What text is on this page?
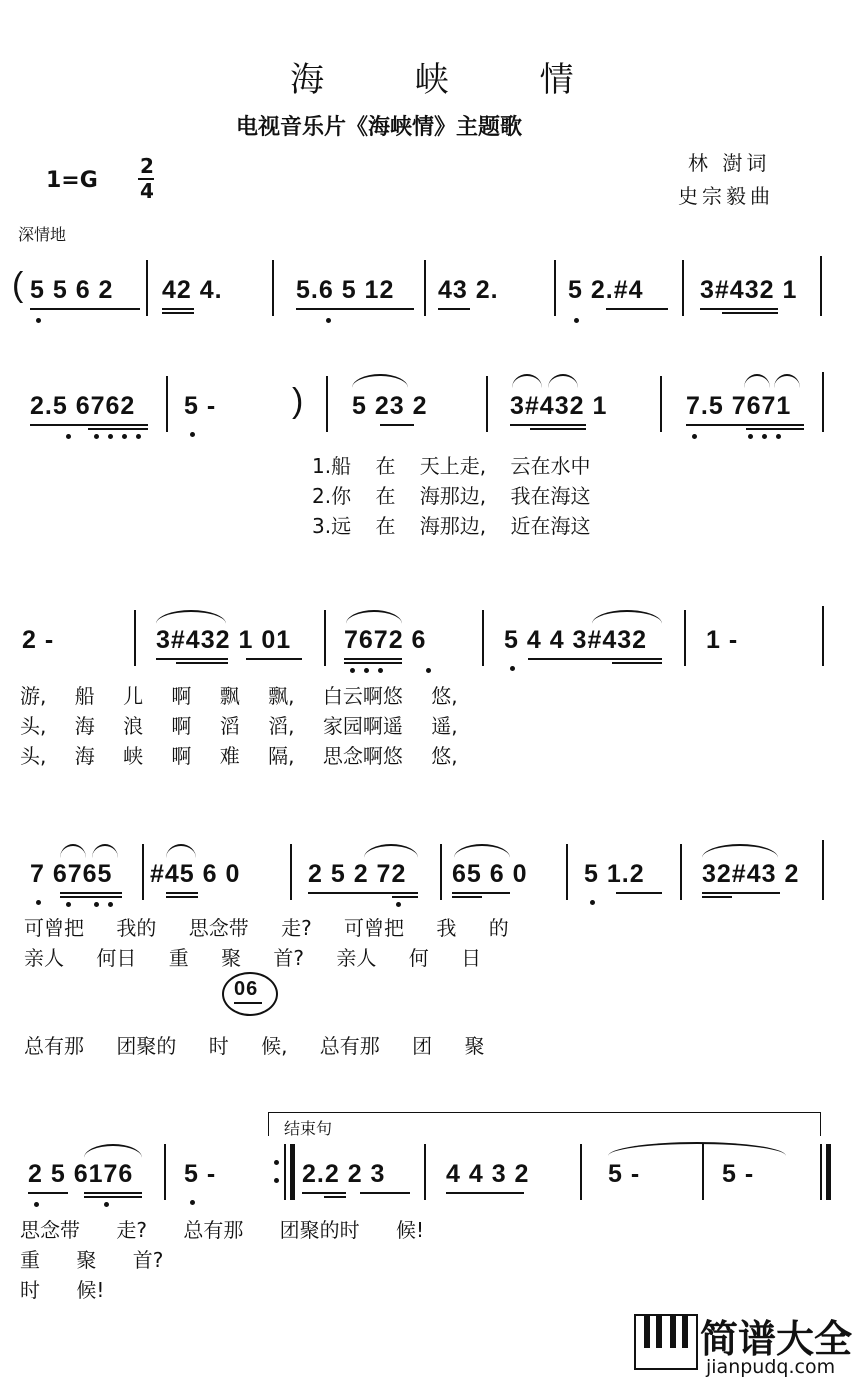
海 峡 情
电视音乐片《海峡情》主题歌
1=G
2
4
林 澍词
史宗毅曲
深情地
( 5 5 6 2 42 4.	5.6 5 12 43 2.	5 2.#4 3#432 1
2.5 6762 5 - ) 5 23 2	3#432 1	7.5 7671
1.船 在 天上走, 云在水中
2.你 在 海那边, 我在海这
3.远 在 海那边, 近在海这
2 -	3#432 1 01 7672 6	5 4 4 3#432 1 -
游, 船 儿 啊 飘 飘, 白云啊悠 悠,
头, 海 浪 啊 滔 滔, 家园啊遥 遥,
头, 海 峡 啊 难 隔, 思念啊悠 悠,
7 6765 #45 6 0	2 5 2 72 65 6 0 5 1.2 32#43 2
可曾把 我的 思念带 走? 可曾把 我 的
亲人 何日 重 聚 首? 亲人 何 日
06
总有那 团聚的 时 候, 总有那 团 聚
结束句
2 5 6176 5 -	2.2 2 3 4 4 3 2	5 -	5 -
思念带 走? 总有那 团聚的时 候!
重 聚 首?
时 候!
简谱大全
jianpudq.com
